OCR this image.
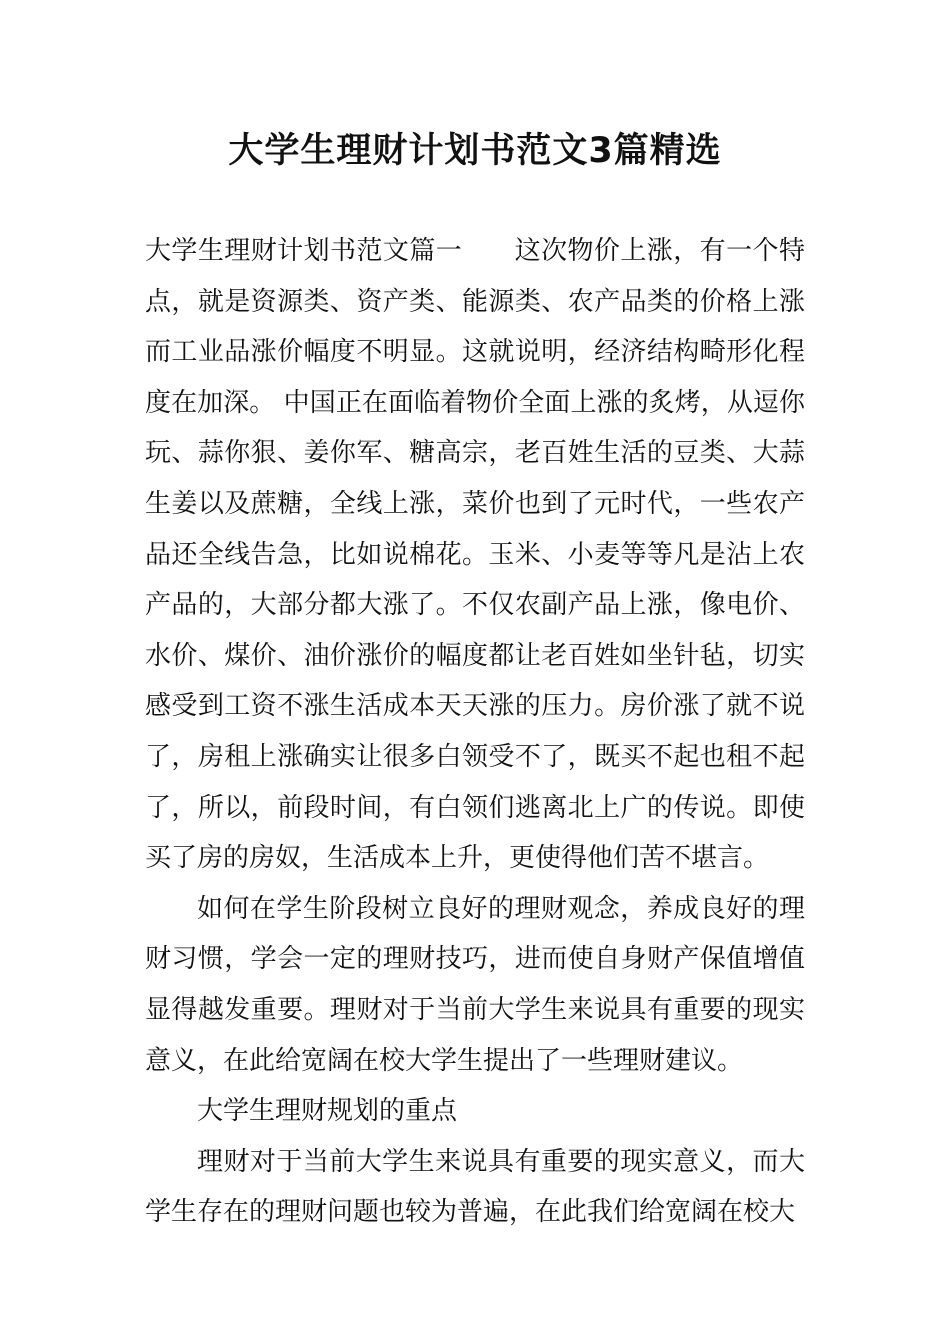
大学生理财计划书范文3篇精选

大学生理财计划书范文篇一 这次物价上涨，有一个特点，就是资源类、资产类、能源类、农产品类的价格上涨而工业品涨价幅度不明显。这就说明，经济结构畸形化程度在加深。 中国正在面临着物价全面上涨的炙烤，从逗你玩、蒜你狠、姜你军、糖高宗，老百姓生活的豆类、大蒜生姜以及蔗糖，全线上涨，菜价也到了元时代，一些农产品还全线告急，比如说棉花。玉米、小麦等等凡是沾上农产品的，大部分都大涨了。不仅农副产品上涨，像电价、水价、煤价、油价涨价的幅度都让老百姓如坐针毡，切实感受到工资不涨生活成本天天涨的压力。房价涨了就不说了，房租上涨确实让很多白领受不了，既买不起也租不起了，所以，前段时间，有白领们逃离北上广的传说。即使买了房的房奴，生活成本上升，更使得他们苦不堪言。

如何在学生阶段树立良好的理财观念，养成良好的理财习惯，学会一定的理财技巧，进而使自身财产保值增值显得越发重要。理财对于当前大学生来说具有重要的现实意义，在此给宽阔在校大学生提出了一些理财建议。

大学生理财规划的重点

理财对于当前大学生来说具有重要的现实意义，而大学生存在的理财问题也较为普遍，在此我们给宽阔在校大
